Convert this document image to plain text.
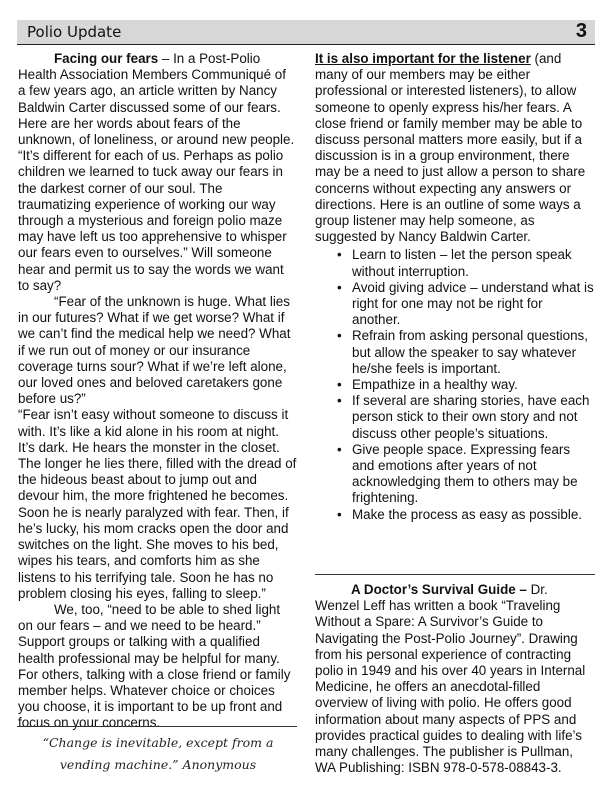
Polio Update	3

Facing our fears – In a Post-Polio Health Association Members Communiqué of a few years ago, an article written by Nancy Baldwin Carter discussed some of our fears. Here are her words about fears of the unknown, of loneliness, or around new people. “It’s different for each of us. Perhaps as polio children we learned to tuck away our fears in the darkest corner of our soul. The traumatizing experience of working our way through a mysterious and foreign polio maze may have left us too apprehensive to whisper our fears even to ourselves.” Will someone hear and permit us to say the words we want to say?

“Fear of the unknown is huge. What lies in our futures? What if we get worse? What if we can’t find the medical help we need? What if we run out of money or our insurance coverage turns sour? What if we’re left alone, our loved ones and beloved caretakers gone before us?”

“Fear isn’t easy without someone to discuss it with. It’s like a kid alone in his room at night. It’s dark. He hears the monster in the closet. The longer he lies there, filled with the dread of the hideous beast about to jump out and devour him, the more frightened he becomes. Soon he is nearly paralyzed with fear. Then, if he’s lucky, his mom cracks open the door and switches on the light. She moves to his bed, wipes his tears, and comforts him as she listens to his terrifying tale. Soon he has no problem closing his eyes, falling to sleep.”

We, too, “need to be able to shed light on our fears – and we need to be heard.” Support groups or talking with a qualified health professional may be helpful for many. For others, talking with a close friend or family member helps. Whatever choice or choices you choose, it is important to be up front and focus on your concerns.

“Change is inevitable, except from a vending machine.” Anonymous

It is also important for the listener (and many of our members may be either professional or interested listeners), to allow someone to openly express his/her fears. A close friend or family member may be able to discuss personal matters more easily, but if a discussion is in a group environment, there may be a need to just allow a person to share concerns without expecting any answers or directions. Here is an outline of some ways a group listener may help someone, as suggested by Nancy Baldwin Carter.

• Learn to listen – let the person speak without interruption.
• Avoid giving advice – understand what is right for one may not be right for another.
• Refrain from asking personal questions, but allow the speaker to say whatever he/she feels is important.
• Empathize in a healthy way.
• If several are sharing stories, have each person stick to their own story and not discuss other people’s situations.
• Give people space. Expressing fears and emotions after years of not acknowledging them to others may be frightening.
• Make the process as easy as possible.

A Doctor’s Survival Guide – Dr. Wenzel Leff has written a book “Traveling Without a Spare: A Survivor’s Guide to Navigating the Post-Polio Journey”. Drawing from his personal experience of contracting polio in 1949 and his over 40 years in Internal Medicine, he offers an anecdotal-filled overview of living with polio. He offers good information about many aspects of PPS and provides practical guides to dealing with life’s many challenges. The publisher is Pullman, WA Publishing: ISBN 978-0-578-08843-3.
